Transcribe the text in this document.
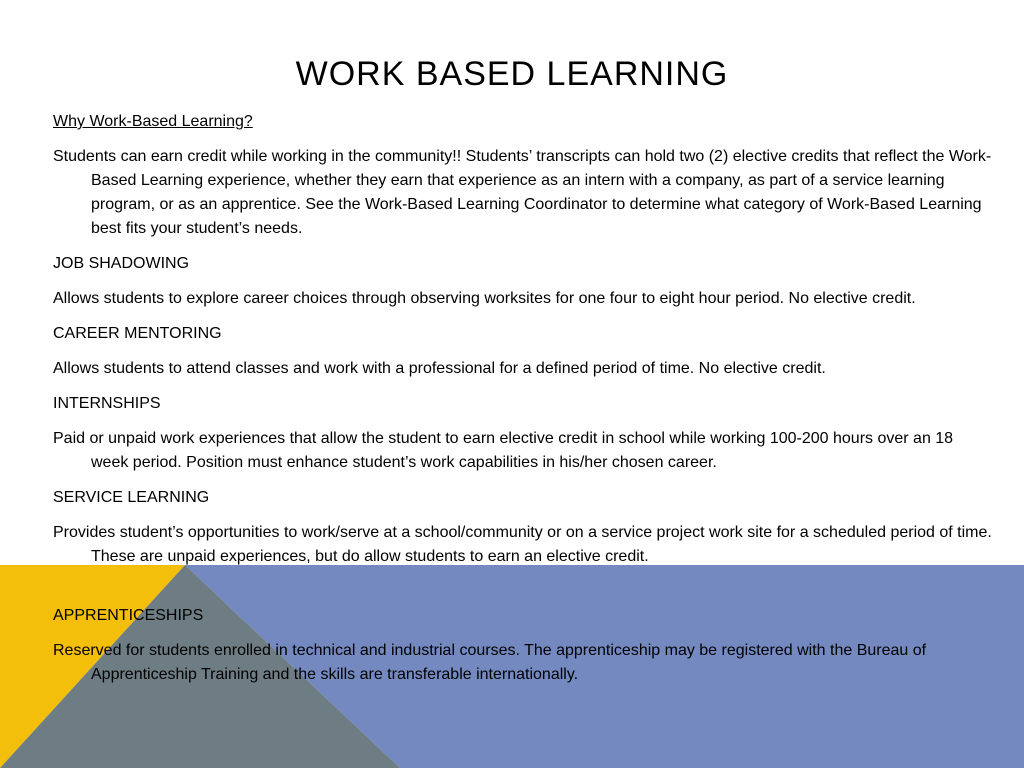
WORK BASED LEARNING

Why Work-Based Learning?

Students can earn credit while working in the community!! Students’ transcripts can hold two (2) elective credits that reflect the Work-Based Learning experience, whether they earn that experience as an intern with a company, as part of a service learning program, or as an apprentice. See the Work-Based Learning Coordinator to determine what category of Work-Based Learning best fits your student’s needs.

JOB SHADOWING

Allows students to explore career choices through observing worksites for one four to eight hour period. No elective credit.

CAREER MENTORING

Allows students to attend classes and work with a professional for a defined period of time. No elective credit.

INTERNSHIPS

Paid or unpaid work experiences that allow the student to earn elective credit in school while working 100-200 hours over an 18 week period. Position must enhance student’s work capabilities in his/her chosen career.

SERVICE LEARNING

Provides student’s opportunities to work/serve at a school/community or on a service project work site for a scheduled period of time. These are unpaid experiences, but do allow students to earn an elective credit.

APPRENTICESHIPS

Reserved for students enrolled in technical and industrial courses. The apprenticeship may be registered with the Bureau of Apprenticeship Training and the skills are transferable internationally.
